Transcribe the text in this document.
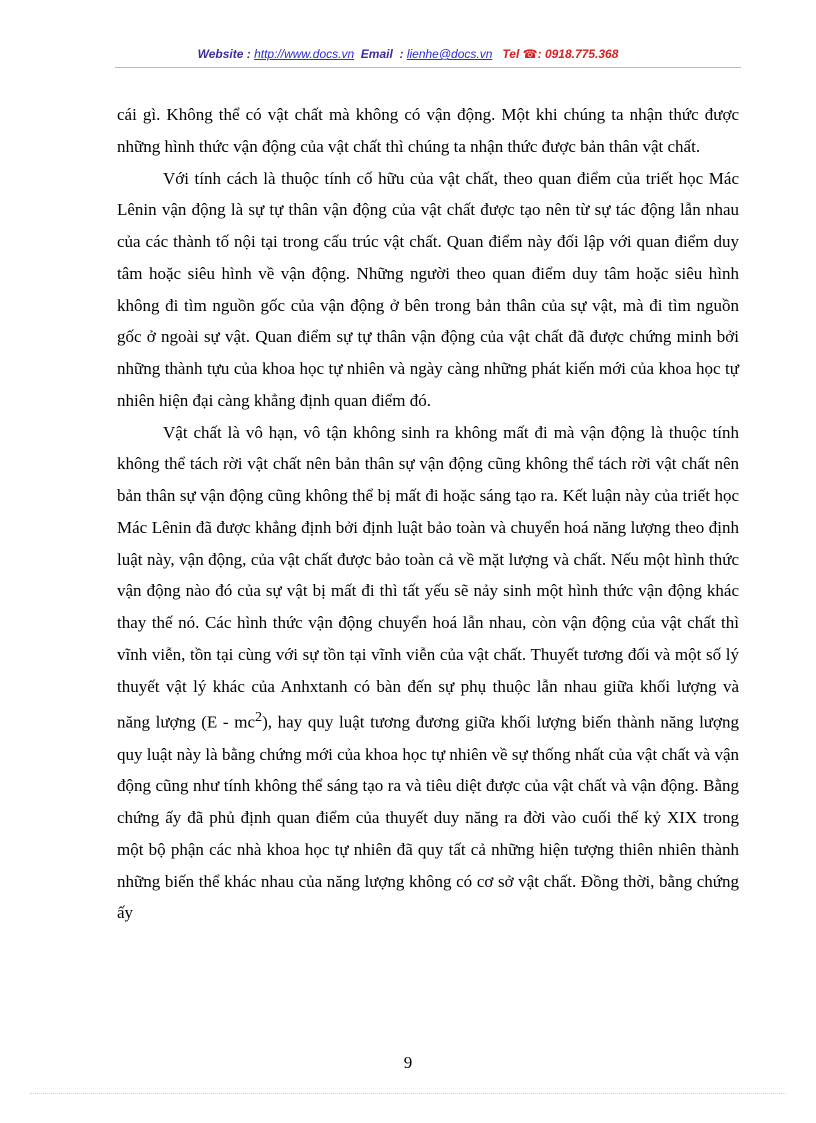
Website : http://www.docs.vn Email : lienhe@docs.vn Tel ☎: 0918.775.368

cái gì. Không thể có vật chất mà không có vận động. Một khi chúng ta nhận thức được những hình thức vận động của vật chất thì chúng ta nhận thức được bản thân vật chất.

Với tính cách là thuộc tính cố hữu của vật chất, theo quan điểm của triết học Mác Lênin vận động là sự tự thân vận động của vật chất được tạo nên từ sự tác động lẫn nhau của các thành tố nội tại trong cấu trúc vật chất. Quan điểm này đối lập với quan điểm duy tâm hoặc siêu hình về vận động. Những người theo quan điểm duy tâm hoặc siêu hình không đi tìm nguồn gốc của vận động ở bên trong bản thân của sự vật, mà đi tìm nguồn gốc ở ngoài sự vật. Quan điểm sự tự thân vận động của vật chất đã được chứng minh bởi những thành tựu của khoa học tự nhiên và ngày càng những phát kiến mới của khoa học tự nhiên hiện đại càng khẳng định quan điểm đó.

Vật chất là vô hạn, vô tận không sinh ra không mất đi mà vận động là thuộc tính không thể tách rời vật chất nên bản thân sự vận động cũng không thể tách rời vật chất nên bản thân sự vận động cũng không thể bị mất đi hoặc sáng tạo ra. Kết luận này của triết học Mác Lênin đã được khẳng định bởi định luật bảo toàn và chuyển hoá năng lượng theo định luật này, vận động, của vật chất được bảo toàn cả về mặt lượng và chất. Nếu một hình thức vận động nào đó của sự vật bị mất đi thì tất yếu sẽ nảy sinh một hình thức vận động khác thay thế nó. Các hình thức vận động chuyển hoá lẫn nhau, còn vận động của vật chất thì vĩnh viễn, tồn tại cùng với sự tồn tại vĩnh viễn của vật chất. Thuyết tương đối và một số lý thuyết vật lý khác của Anhxtanh có bàn đến sự phụ thuộc lẫn nhau giữa khối lượng và năng lượng $(E - mc^2)$, hay quy luật tương đương giữa khối lượng biến thành năng lượng quy luật này là bằng chứng mới của khoa học tự nhiên về sự thống nhất của vật chất và vận động cũng như tính không thể sáng tạo ra và tiêu diệt được của vật chất và vận động. Bằng chứng ấy đã phủ định quan điểm của thuyết duy năng ra đời vào cuối thế kỷ XIX trong một bộ phận các nhà khoa học tự nhiên đã quy tất cả những hiện tượng thiên nhiên thành những biến thể khác nhau của năng lượng không có cơ sở vật chất. Đồng thời, bằng chứng ấy

9
